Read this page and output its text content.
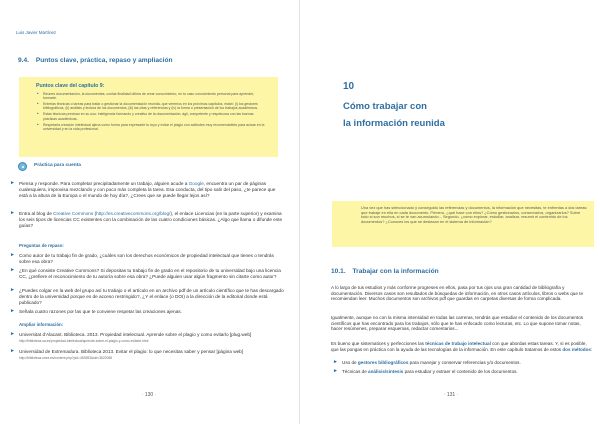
Luis Javier Martínez
9.4. Puntos clave, práctica, repaso y ampliación
Puntos clave del capítulo 9:
• Reúnes documentación, la documentas, conlas finalidad última de crear conocimiento, en tu caso conocimiento personal para aprender, formarte.
• Entrelas técnicas o tareas para tratar o gestionar la documentación reunida, que veremos en los próximos capítulos, están: (i) los gestores bibliográficos, (ii) análisis y lectura de los documentos, (iii) las citas y referencias y (iv) la forma o presentación de los trabajos académicos.
• Estas técnicas precisan en su uso: inteligencia formando y creativo de la documentación; ágil, competente y respetuosa con las buenas prácticas académicas.
• Respetarla creación intelectual ajena como forma para expresarte tu tuyo y evitar el plagio con actitudes muy recomendables para actuar en la universidad y en la vida profesional.
Práctica para cuenta
► Piensa y responde. Para completar precipitadamente un trabajo, alguien acude a Google, encuentra un par de páginas cualesquiera, improvisa mezclando y con poco más completa la tarea. Esa conducta, del tipo salir del paso, ¿te parece que está a la altura de la Europa o el mundo de hoy día?, ¿Crees que se puede llegar lejos así?
► Entra al blog de Creative Commons (http://es.creativecommons.org/blog/), el enlace Licencias (en la parte superior) y examina los seis tipos de licencias CC existentes con la combinación de las cuatro condiciones básicas. ¿Algo que llama o difunde este guías?
Preguntas de repaso:
► Como autor de tu trabajo fin de grado, ¿cuáles son los derechos económicos de propiedad intelectual que tienes o tendrás sobre esa obra?
► ¿En qué consiste Creative Commons? Si depositas tu trabajo fin de grado en el repositorio de tu universidad bajo una licencia CC, ¿prefiere el reconocimiento de tu autoría sobre esa obra? ¿Puede alguien usar algún fragmento sin citarte como autor?
► ¿Puedes colgar en la web del grupo así tu trabajo o el artículo en un archivo pdf de un artículo científico que te has descargado dentro de la universidad porque es de acceso restringido?, ¿Y el enlace (o DOI) a la dirección de la editorial donde está publicado?
► Señala cuatro razones por las que te conviene respetar las creaciones ajenas.
Ampliar información:
► Universitat d'Alacant. Biblioteca. 2013. Propiedad intelectual. Aprende sobre el plagio y como evitarlo [plug.web] http://biblioteca.ua.es/propiedad-intelectual/aprende-sobre-el-plagio-y-como-evitarlo.html
► Universidad de Extremadura. Biblioteca 2013. Evitar el plagio: lo que necesitas saber y pensar [página web] http://biblioteca.unex.es/content.php?pid=453953&sid=3622065
· 130 ·
10
Cómo trabajar con
la información reunida

Una vez que has seleccionado y conseguido las referencias y documentos, la información que necesitas, te enfrentas a dos tareas: que trabaje en ella en cada documento. Primero, ¿qué hace con ellos? ¿Cómo gestionarlos, conservarlos, organizarlos? Sobre todo si son muchos, si se te van acumulando... Segundo, ¿cómo explorar, estudiar, analizar, resumir el contenido de los documentos? ¿Conoces los que se destacan en el sistema de información?

10.1. Trabajar con la información

A lo largo de tus estudios y más conforme progreses en ellos, pasa por tus ojos una gran cantidad de bibliografía y documentación. Diversos casos son resultados de búsquedas de información, en otros casos artículos, libros o webs que te recomiendan leer. Muchos documentos son archivos pdf que guardas en carpetas diversas de forma complicada.

Igualmente, aunque no con la misma intensidad en todas las carreras, tendrás que estudiar el contenido de los documentos científicos que has encontrado para los trabajos, sólo que te has enfocado como lecturas, etc. Lo que supone tomar notas, hacer resúmenes, preparar esquemas, redactar comentarios...

Es bueno que sistematices y perfecciones las técnicas de trabajo intelectual con que abordas estas tareas. Y, si es posible, que las pongas en práctica con la ayuda de las tecnologías de la información. En este capítulo tratamos de estos dos métodos:

► Uso de gestores bibliográficos para manejar y conservar referencias y/o documentos.
► Técnicas de análisis/síntesis para estudiar y extraer el contenido de los documentos.
· 131 ·
